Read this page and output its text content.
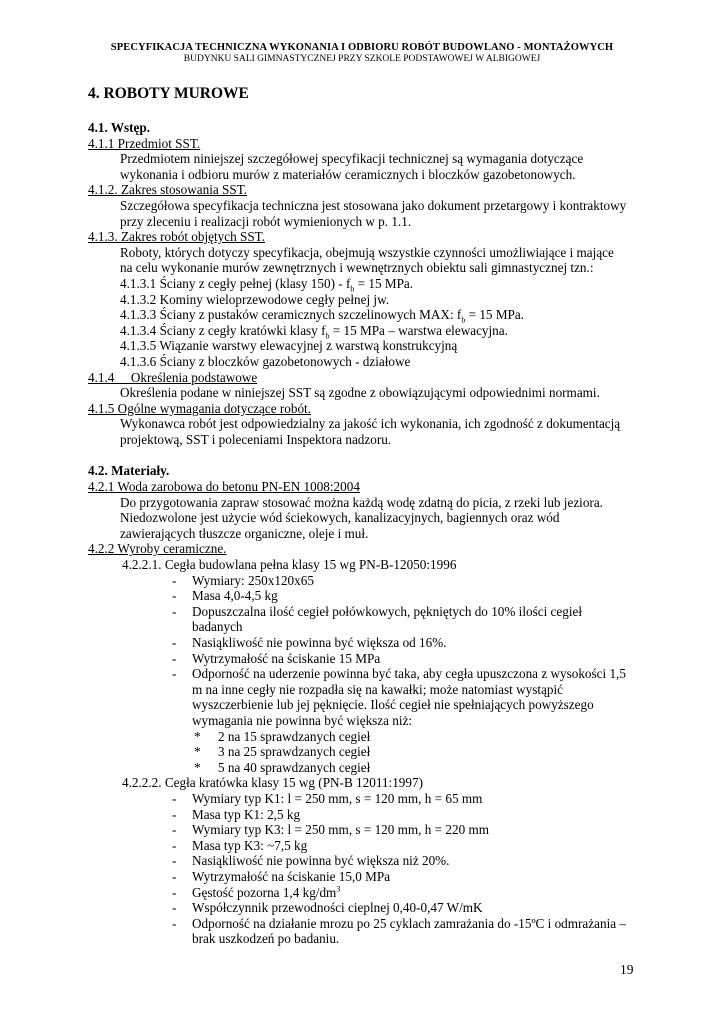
SPECYFIKACJA TECHNICZNA WYKONANIA I ODBIORU ROBÓT BUDOWLANO - MONTAŻOWYCH
BUDYNKU SALI GIMNASTYCZNEJ PRZY SZKOLE PODSTAWOWEJ W ALBIGOWEJ
4. ROBOTY MUROWE
4.1. Wstęp.
4.1.1 Przedmiot SST.
Przedmiotem niniejszej szczegółowej specyfikacji technicznej są wymagania dotyczące
wykonania i odbioru murów z materiałów ceramicznych i bloczków gazobetonowych.
4.1.2. Zakres stosowania SST.
Szczegółowa specyfikacja techniczna jest stosowana jako dokument przetargowy i kontraktowy
przy zleceniu i realizacji robót wymienionych w p. 1.1.
4.1.3. Zakres robót objętych SST.
Roboty, których dotyczy specyfikacja, obejmują wszystkie czynności umożliwiające i mające
na celu wykonanie murów zewnętrznych i wewnętrznych obiektu sali gimnastycznej tzn.:
4.1.3.1 Ściany z cegły pełnej (klasy $150) - f_b = 15$ MPa.
4.1.3.2 Kominy wieloprzewodowe cegły pełnej jw.
4.1.3.3 Ściany z pustaków ceramicznych szczelinowych MAX: $f_b = 15$ MPa.
4.1.3.4 Ściany z cegły kratówki klasy $f_b = 15$ MPa – warstwa elewacyjna.
4.1.3.5 Wiązanie warstwy elewacyjnej z warstwą konstrukcyjną
4.1.3.6 Ściany z bloczków gazobetonowych - działowe
4.1.4     Określenia podstawowe
Określenia podane w niniejszej SST są zgodne z obowiązującymi odpowiednimi normami.
4.1.5 Ogólne wymagania dotyczące robót.
Wykonawca robót jest odpowiedzialny za jakość ich wykonania, ich zgodność z dokumentacją
projektową, SST i poleceniami Inspektora nadzoru.
4.2. Materiały.
4.2.1 Woda zarobowa do betonu PN-EN 1008:2004
Do przygotowania zapraw stosować można każdą wodę zdatną do picia, z rzeki lub jeziora.
Niedozwolone jest użycie wód ściekowych, kanalizacyjnych, bagiennych oraz wód
zawierających tłuszcze organiczne, oleje i muł.
4.2.2 Wyroby ceramiczne.
4.2.2.1. Cegła budowlana pełna klasy 15 wg PN-B-12050:1996
- Wymiary: 250x120x65
- Masa 4,0-4,5 kg
- Dopuszczalna ilość cegieł połówkowych, pękniętych do 10% ilości cegieł
badanych
- Nasiąkliwość nie powinna być większa od 16%.
- Wytrzymałość na ściskanie 15 MPa
- Odporność na uderzenie powinna być taka, aby cegła upuszczona z wysokości 1,5
m na inne cegły nie rozpadła się na kawałki; może natomiast wystąpić
wyszczerbienie lub jej pęknięcie. Ilość cegieł nie spełniających powyższego
wymagania nie powinna być większa niż:
* 2 na 15 sprawdzanych cegieł
* 3 na 25 sprawdzanych cegieł
* 5 na 40 sprawdzanych cegieł
4.2.2.2. Cegła kratówka klasy 15 wg (PN-B 12011:1997)
- Wymiary typ K1: l = 250 mm, s = 120 mm, h = 65 mm
- Masa typ K1: 2,5 kg
- Wymiary typ K3: l = 250 mm, s = 120 mm, h = 220 mm
- Masa typ K3: ~7,5 kg
- Nasiąkliwość nie powinna być większa niż 20%.
- Wytrzymałość na ściskanie 15,0 MPa
- Gęstość pozorna 1,4 $kg/dm^3$
- Współczynnik przewodności cieplnej 0,40-0,47 W/mK
- Odporność na działanie mrozu po 25 cyklach zamrażania do -15ºC i odmrażania –
brak uszkodzeń po badaniu.
19
